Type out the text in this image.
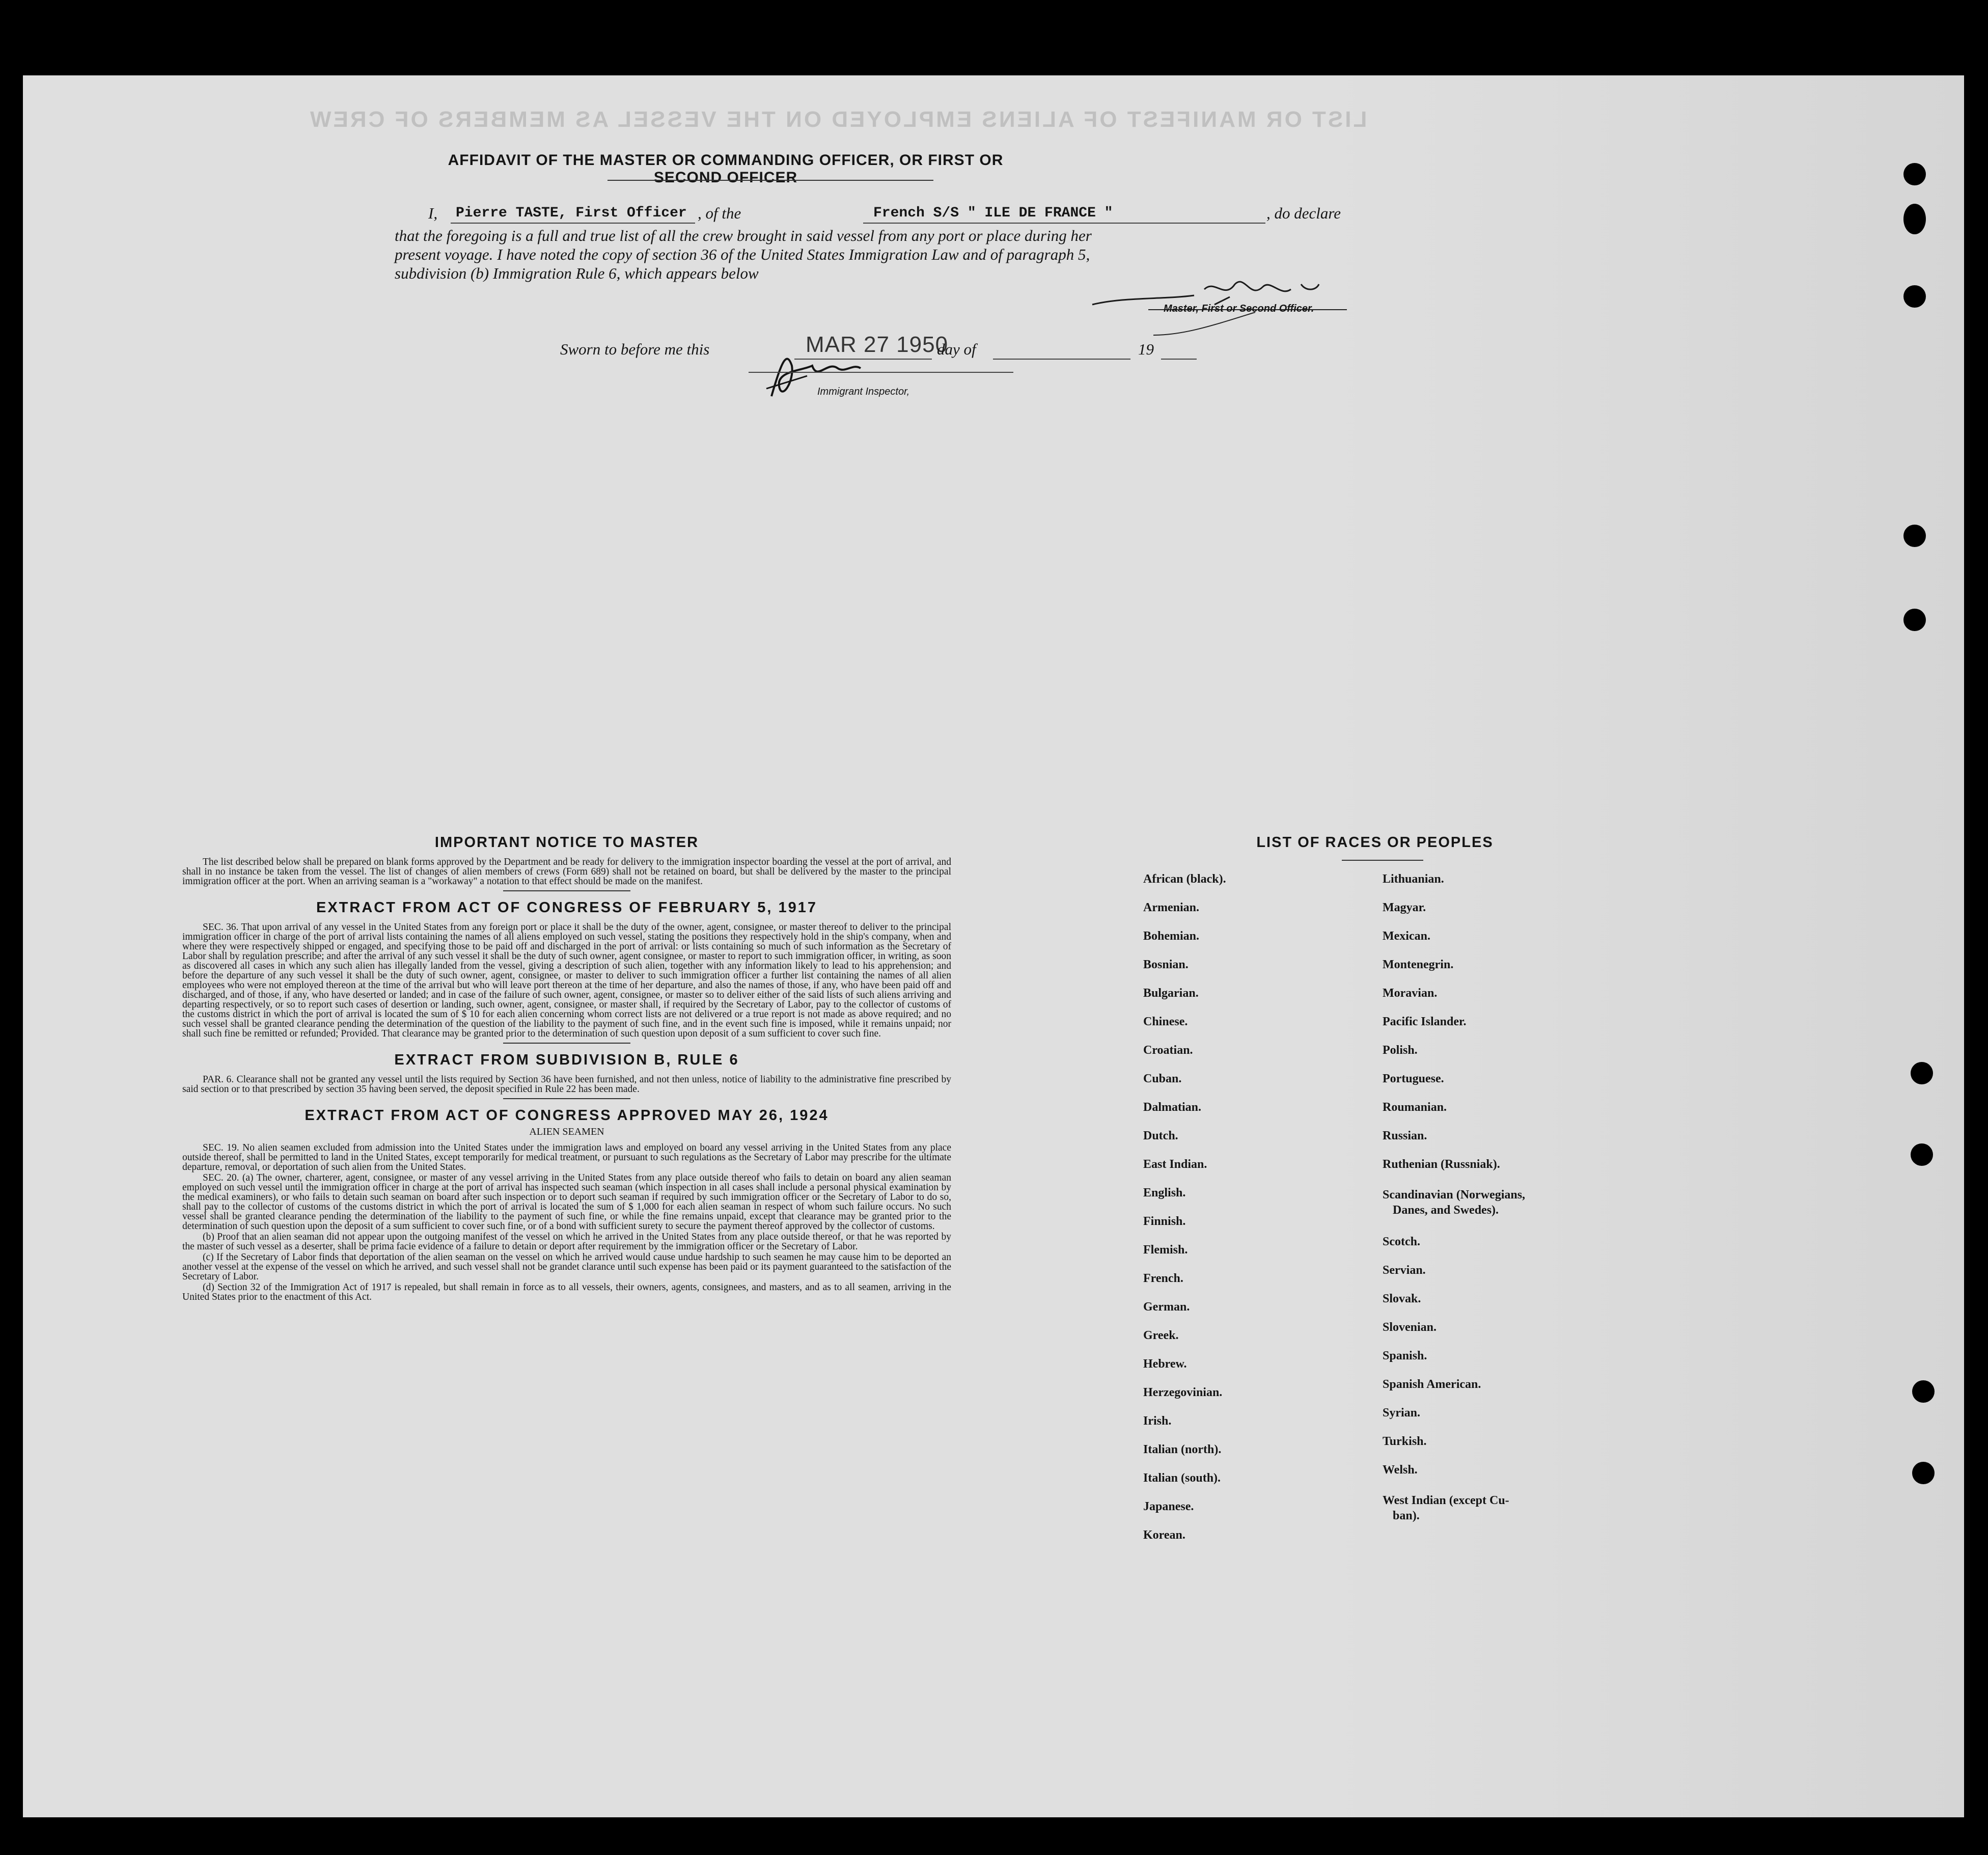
LIST OR MANIFEST OF ALIENS EMPLOYED ON THE VESSEL AS MEMBERS OF CREW
AFFIDAVIT OF THE MASTER OR COMMANDING OFFICER, OR FIRST OR SECOND OFFICER
I, Pierre TASTE, First Officer , of the	French S/S " ILE DE FRANCE "	, do declare
that the foregoing is a full and true list of all the crew brought in said vessel from any port or place during her
present voyage. I have noted the copy of section 36 of the United States Immigration Law and of paragraph 5,
subdivision (b) Immigration Rule 6, which appears below
Master, First or Second Officer.
Sworn to before me this	MAR 27 1950
day of	19
Immigrant Inspector,
IMPORTANT NOTICE TO MASTER

The list described below shall be prepared on blank forms approved by the Department and be ready for delivery to the immigration inspector boarding the vessel at the port of arrival, and shall in no instance be taken from the vessel. The list of changes of alien members of crews (Form 689) shall not be retained on board, but shall be delivered by the master to the principal immigration officer at the port. When an arriving seaman is a "workaway" a notation to that effect should be made on the manifest.

EXTRACT FROM ACT OF CONGRESS OF FEBRUARY 5, 1917

SEC. 36. That upon arrival of any vessel in the United States from any foreign port or place it shall be the duty of the owner, agent, consignee, or master thereof to deliver to the principal immigration officer in charge of the port of arrival lists containing the names of all aliens employed on such vessel, stating the positions they respectively hold in the ship's company, when and where they were respectively shipped or engaged, and specifying those to be paid off and discharged in the port of arrival: or lists containing so much of such information as the Secretary of Labor shall by regulation prescribe; and after the arrival of any such vessel it shall be the duty of such owner, agent consignee, or master to report to such immigration officer, in writing, as soon as discovered all cases in which any such alien has illegally landed from the vessel, giving a description of such alien, together with any information likely to lead to his apprehension; and before the departure of any such vessel it shall be the duty of such owner, agent, consignee, or master to deliver to such immigration officer a further list containing the names of all alien employees who were not employed thereon at the time of the arrival but who will leave port thereon at the time of her departure, and also the names of those, if any, who have been paid off and discharged, and of those, if any, who have deserted or landed; and in case of the failure of such owner, agent, consignee, or master so to deliver either of the said lists of such aliens arriving and departing respectively, or so to report such cases of desertion or landing, such owner, agent, consignee, or master shall, if required by the Secretary of Labor, pay to the collector of customs of the customs district in which the port of arrival is located the sum of $ 10 for each alien concerning whom correct lists are not delivered or a true report is not made as above required; and no such vessel shall be granted clearance pending the determination of the question of the liability to the payment of such fine, and in the event such fine is imposed, while it remains unpaid; nor shall such fine be remitted or refunded; Provided. That clearance may be granted prior to the determination of such question upon deposit of a sum sufficient to cover such fine.

EXTRACT FROM SUBDIVISION B, RULE 6

PAR. 6. Clearance shall not be granted any vessel until the lists required by Section 36 have been furnished, and not then unless, notice of liability to the administrative fine prescribed by said section or to that prescribed by section 35 having been served, the deposit specified in Rule 22 has been made.

EXTRACT FROM ACT OF CONGRESS APPROVED MAY 26, 1924
ALIEN SEAMEN

SEC. 19. No alien seamen excluded from admission into the United States under the immigration laws and employed on board any vessel arriving in the United States from any place outside thereof, shall be permitted to land in the United States, except temporarily for medical treatment, or pursuant to such regulations as the Secretary of Labor may prescribe for the ultimate departure, removal, or deportation of such alien from the United States.

SEC. 20. (a) The owner, charterer, agent, consignee, or master of any vessel arriving in the United States from any place outside thereof who fails to detain on board any alien seaman employed on such vessel until the immigration officer in charge at the port of arrival has inspected such seaman (which inspection in all cases shall include a personal physical examination by the medical examiners), or who fails to detain such seaman on board after such inspection or to deport such seaman if required by such immigration officer or the Secretary of Labor to do so, shall pay to the collector of customs of the customs district in which the port of arrival is located the sum of $ 1,000 for each alien seaman in respect of whom such failure occurs. No such vessel shall be granted clearance pending the determination of the liability to the payment of such fine, or while the fine remains unpaid, except that clearance may be granted prior to the determination of such question upon the deposit of a sum sufficient to cover such fine, or of a bond with sufficient surety to secure the payment thereof approved by the collector of customs.

(b) Proof that an alien seaman did not appear upon the outgoing manifest of the vessel on which he arrived in the United States from any place outside thereof, or that he was reported by the master of such vessel as a deserter, shall be prima facie evidence of a failure to detain or deport after requirement by the immigration officer or the Secretary of Labor.

(c) If the Secretary of Labor finds that deportation of the alien seaman on the vessel on which he arrived would cause undue hardship to such seamen he may cause him to be deported an another vessel at the expense of the vessel on which he arrived, and such vessel shall not be grandet clarance until such expense has been paid or its payment guaranteed to the satisfaction of the Secretary of Labor.

(d) Section 32 of the Immigration Act of 1917 is repealed, but shall remain in force as to all vessels, their owners, agents, consignees, and masters, and as to all seamen, arriving in the United States prior to the enactment of this Act.

LIST OF RACES OR PEOPLES
African (black).
Armenian.
Bohemian.
Bosnian.
Bulgarian.
Chinese.
Croatian.
Cuban.
Dalmatian.
Dutch.
East Indian.
English.
Finnish.
Flemish.
French.
German.
Greek.
Hebrew.
Herzegovinian.
Irish.
Italian (north).
Italian (south).
Japanese.
Korean.
Lithuanian.
Magyar.
Mexican.
Montenegrin.
Moravian.
Pacific Islander.
Polish.
Portuguese.
Roumanian.
Russian.
Ruthenian (Russniak).
Scandinavian (Norwegians,
Danes, and Swedes).
Scotch.
Servian.
Slovak.
Slovenian.
Spanish.
Spanish American.
Syrian.
Turkish.
Welsh.
West Indian (except Cu-
ban).
